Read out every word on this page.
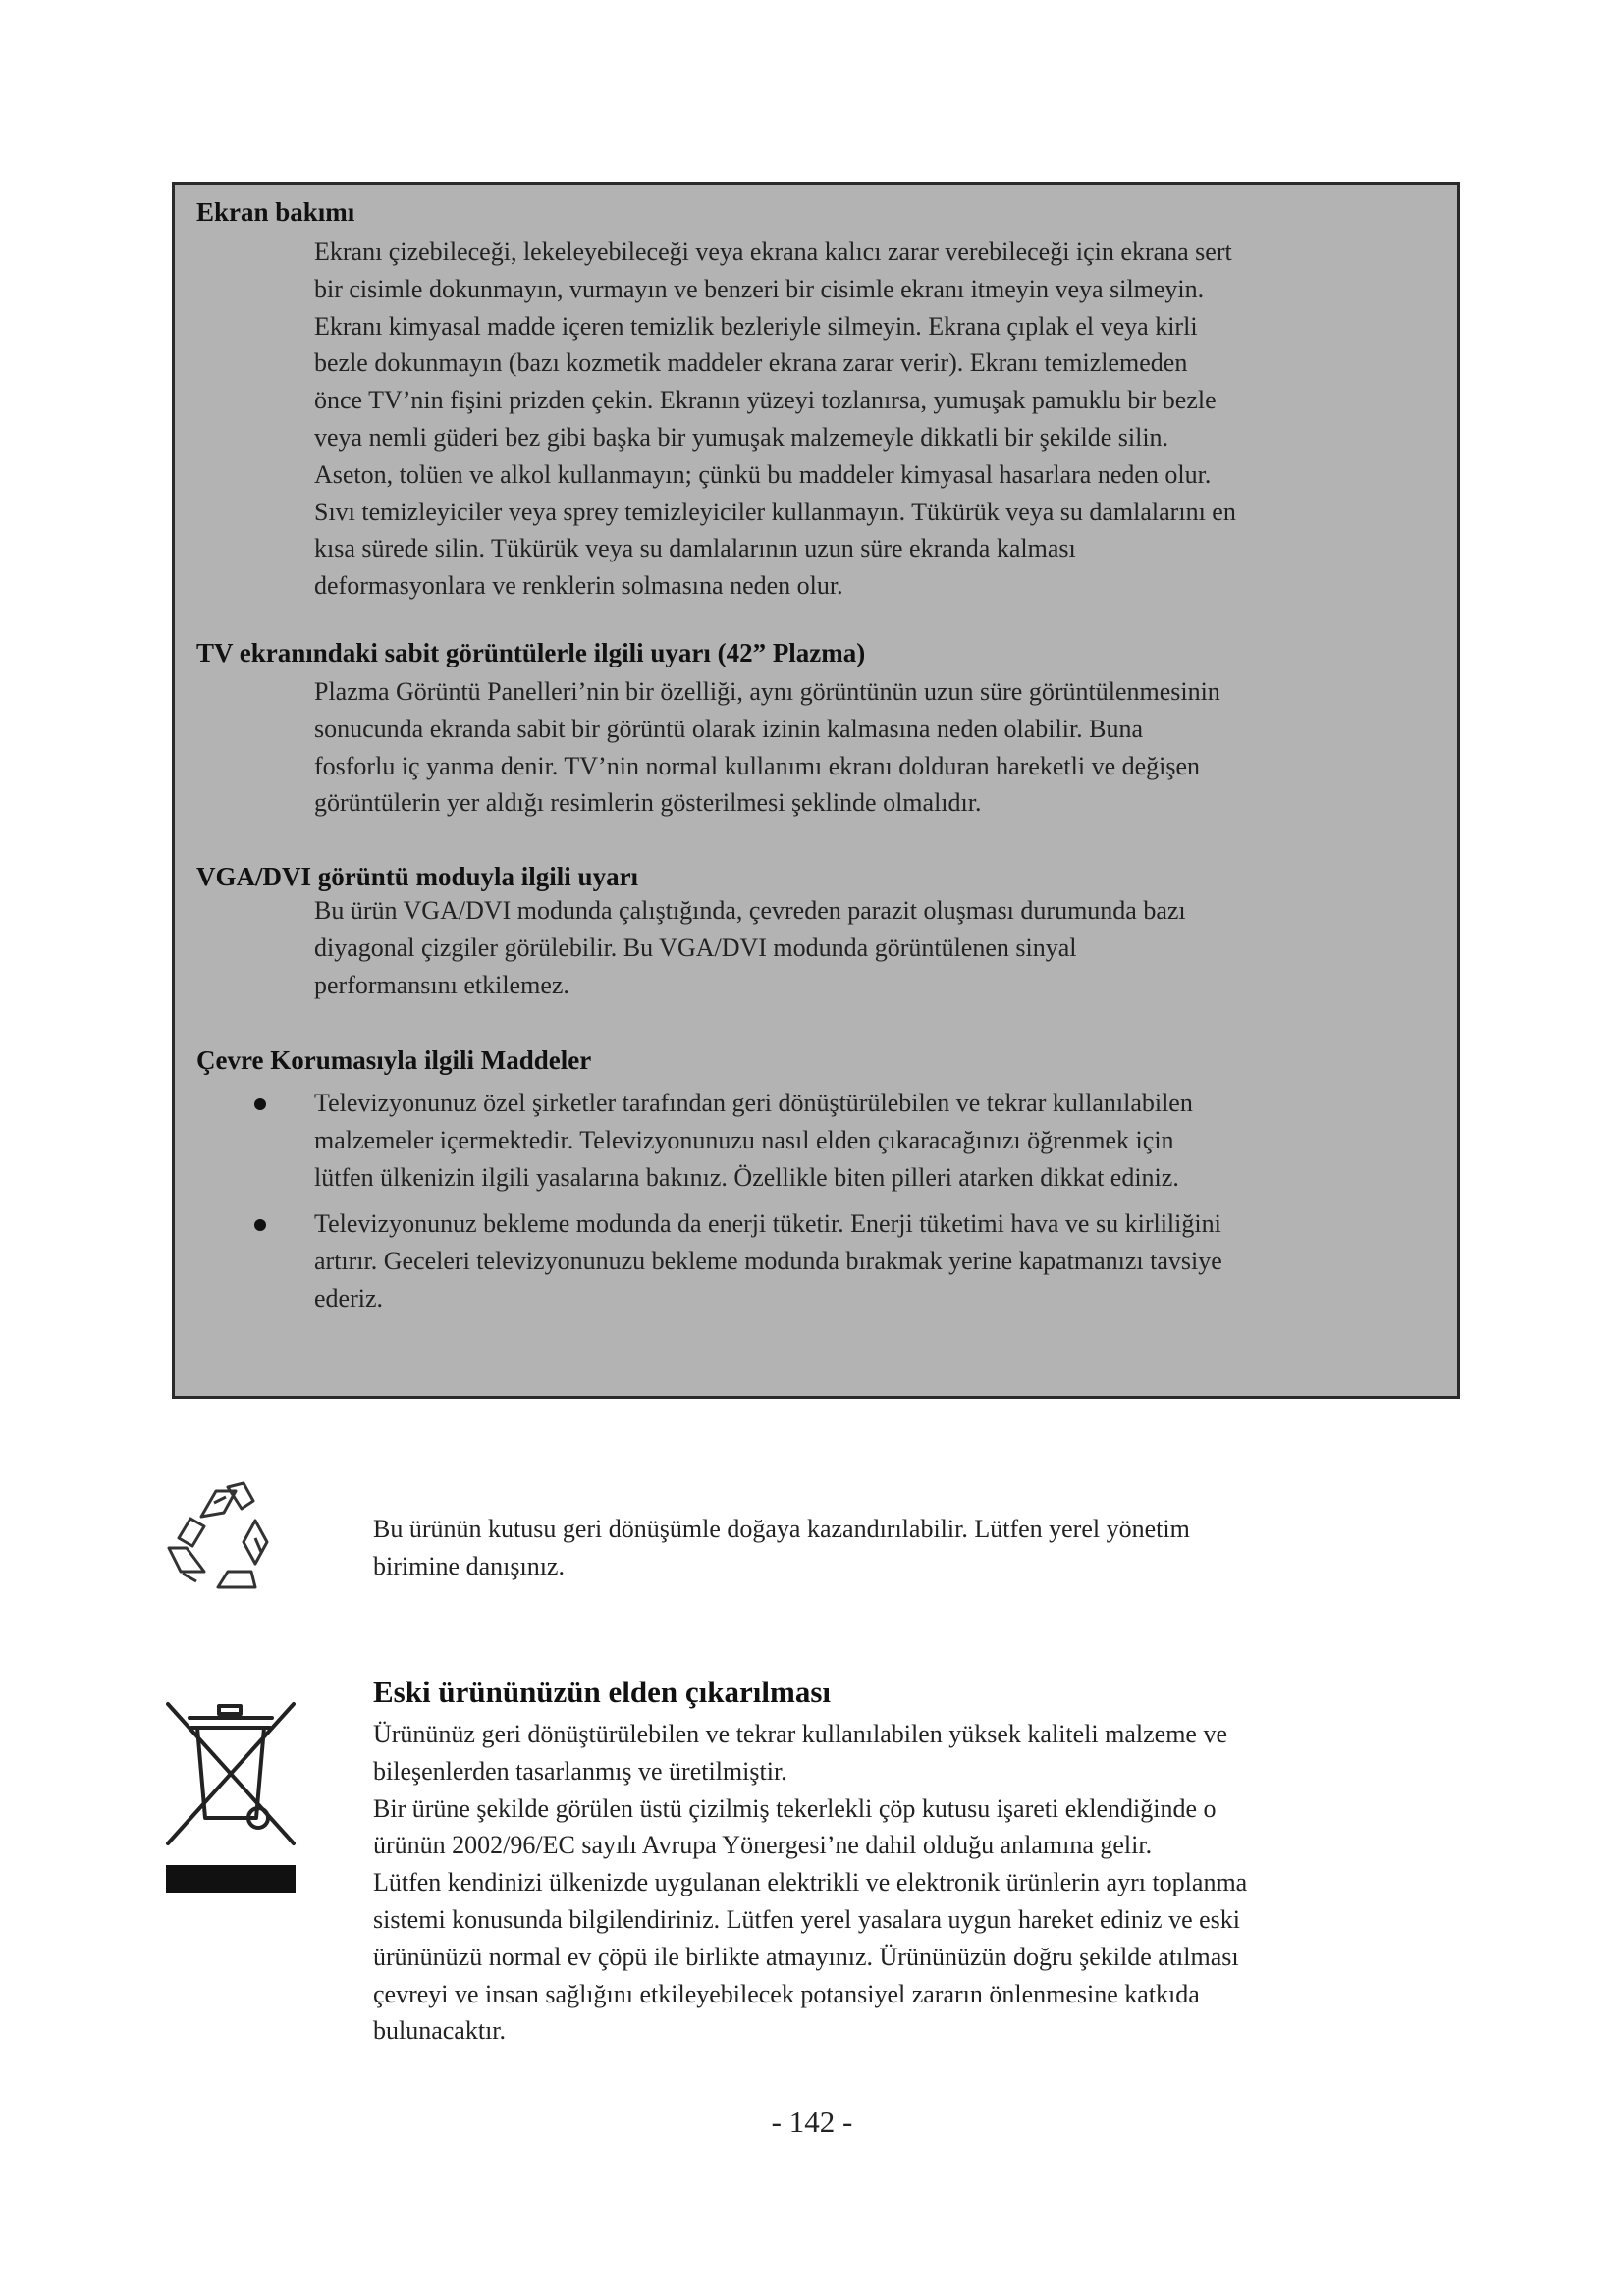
Ekran bakımı
Ekranı çizebileceği, lekeleyebileceği veya ekrana kalıcı zarar verebileceği için ekrana sert
bir cisimle dokunmayın, vurmayın ve benzeri bir cisimle ekranı itmeyin veya silmeyin.
Ekranı kimyasal madde içeren temizlik bezleriyle silmeyin. Ekrana çıplak el veya kirli
bezle dokunmayın (bazı kozmetik maddeler ekrana zarar verir). Ekranı temizlemeden
önce TV’nin fişini prizden çekin. Ekranın yüzeyi tozlanırsa, yumuşak pamuklu bir bezle
veya nemli güderi bez gibi başka bir yumuşak malzemeyle dikkatli bir şekilde silin.
Aseton, tolüen ve alkol kullanmayın; çünkü bu maddeler kimyasal hasarlara neden olur.
Sıvı temizleyiciler veya sprey temizleyiciler kullanmayın. Tükürük veya su damlalarını en
kısa sürede silin. Tükürük veya su damlalarının uzun süre ekranda kalması
deformasyonlara ve renklerin solmasına neden olur.
TV ekranındaki sabit görüntülerle ilgili uyarı (42” Plazma)
Plazma Görüntü Panelleri’nin bir özelliği, aynı görüntünün uzun süre görüntülenmesinin
sonucunda ekranda sabit bir görüntü olarak izinin kalmasına neden olabilir. Buna
fosforlu iç yanma denir. TV’nin normal kullanımı ekranı dolduran hareketli ve değişen
görüntülerin yer aldığı resimlerin gösterilmesi şeklinde olmalıdır.
VGA/DVI görüntü moduyla ilgili uyarı
Bu ürün VGA/DVI modunda çalıştığında, çevreden parazit oluşması durumunda bazı
diyagonal çizgiler görülebilir. Bu VGA/DVI modunda görüntülenen sinyal
performansını etkilemez.
Çevre Korumasıyla ilgili Maddeler
Televizyonunuz özel şirketler tarafından geri dönüştürülebilen ve tekrar kullanılabilen
malzemeler içermektedir. Televizyonunuzu nasıl elden çıkaracağınızı öğrenmek için
lütfen ülkenizin ilgili yasalarına bakınız. Özellikle biten pilleri atarken dikkat ediniz.
Televizyonunuz bekleme modunda da enerji tüketir. Enerji tüketimi hava ve su kirliliğini
artırır. Geceleri televizyonunuzu bekleme modunda bırakmak yerine kapatmanızı tavsiye
ederiz.
Bu ürünün kutusu geri dönüşümle doğaya kazandırılabilir. Lütfen yerel yönetim
birimine danışınız.
Eski ürününüzün elden çıkarılması
Ürününüz geri dönüştürülebilen ve tekrar kullanılabilen yüksek kaliteli malzeme ve
bileşenlerden tasarlanmış ve üretilmiştir.
Bir ürüne şekilde görülen üstü çizilmiş tekerlekli çöp kutusu işareti eklendiğinde o
ürünün 2002/96/EC sayılı Avrupa Yönergesi’ne dahil olduğu anlamına gelir.
Lütfen kendinizi ülkenizde uygulanan elektrikli ve elektronik ürünlerin ayrı toplanma
sistemi konusunda bilgilendiriniz. Lütfen yerel yasalara uygun hareket ediniz ve eski
ürününüzü normal ev çöpü ile birlikte atmayınız. Ürününüzün doğru şekilde atılması
çevreyi ve insan sağlığını etkileyebilecek potansiyel zararın önlenmesine katkıda
bulunacaktır.
- 142 -
